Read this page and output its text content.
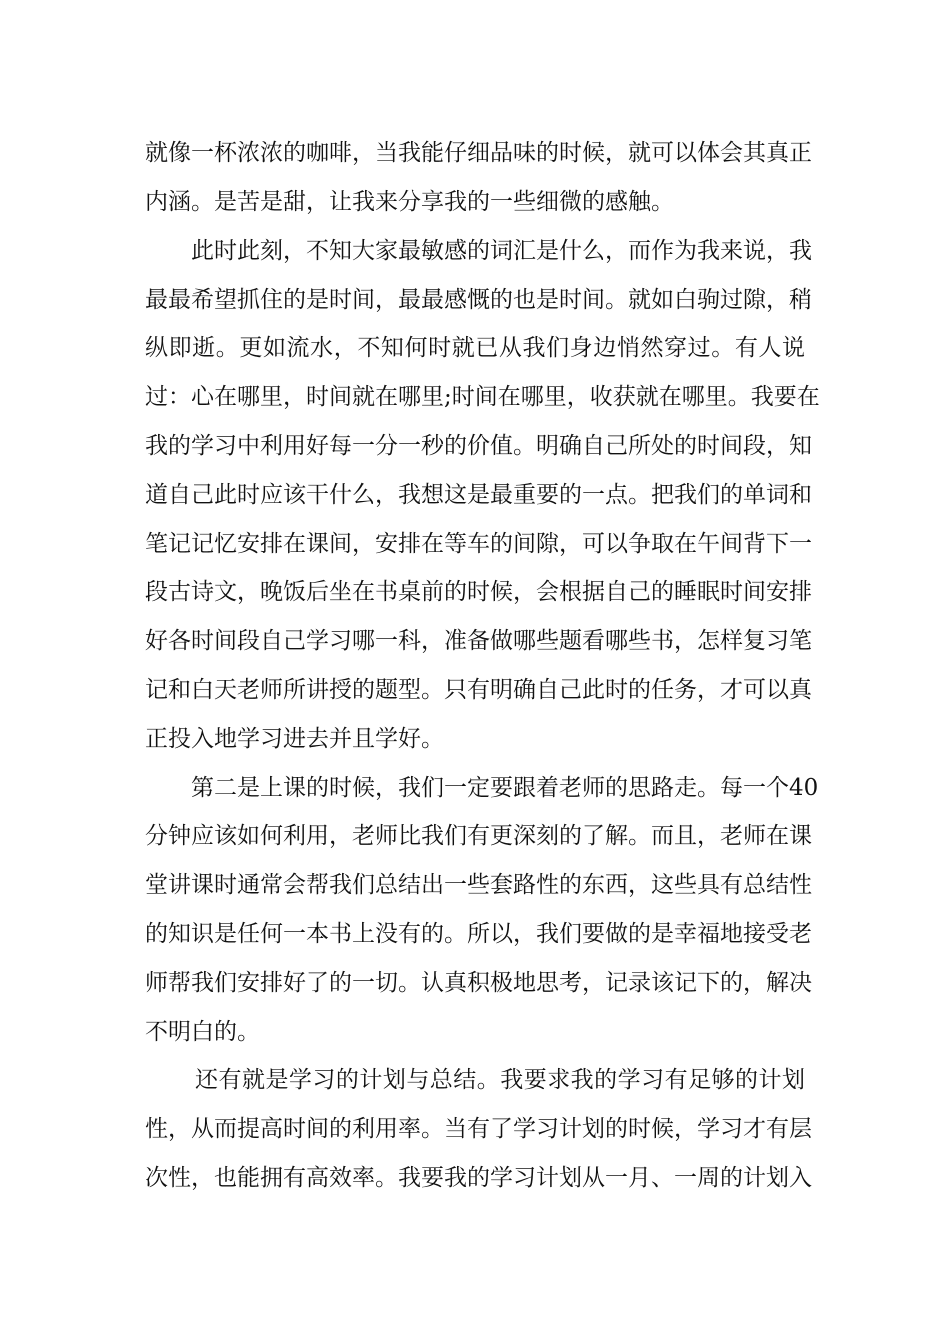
就像一杯浓浓的咖啡，当我能仔细品味的时候，就可以体会其真正
内涵。是苦是甜，让我来分享我的一些细微的感触。
此时此刻，不知大家最敏感的词汇是什么，而作为我来说，我
最最希望抓住的是时间，最最感慨的也是时间。就如白驹过隙，稍
纵即逝。更如流水，不知何时就已从我们身边悄然穿过。有人说
过：心在哪里，时间就在哪里;时间在哪里，收获就在哪里。我要在
我的学习中利用好每一分一秒的价值。明确自己所处的时间段，知
道自己此时应该干什么，我想这是最重要的一点。把我们的单词和
笔记记忆安排在课间，安排在等车的间隙，可以争取在午间背下一
段古诗文，晚饭后坐在书桌前的时候，会根据自己的睡眠时间安排
好各时间段自己学习哪一科，准备做哪些题看哪些书，怎样复习笔
记和白天老师所讲授的题型。只有明确自己此时的任务，才可以真
正投入地学习进去并且学好。
第二是上课的时候，我们一定要跟着老师的思路走。每一个40
分钟应该如何利用，老师比我们有更深刻的了解。而且，老师在课
堂讲课时通常会帮我们总结出一些套路性的东西，这些具有总结性
的知识是任何一本书上没有的。所以，我们要做的是幸福地接受老
师帮我们安排好了的一切。认真积极地思考，记录该记下的，解决
不明白的。
还有就是学习的计划与总结。我要求我的学习有足够的计划
性，从而提高时间的利用率。当有了学习计划的时候，学习才有层
次性，也能拥有高效率。我要我的学习计划从一月、一周的计划入
